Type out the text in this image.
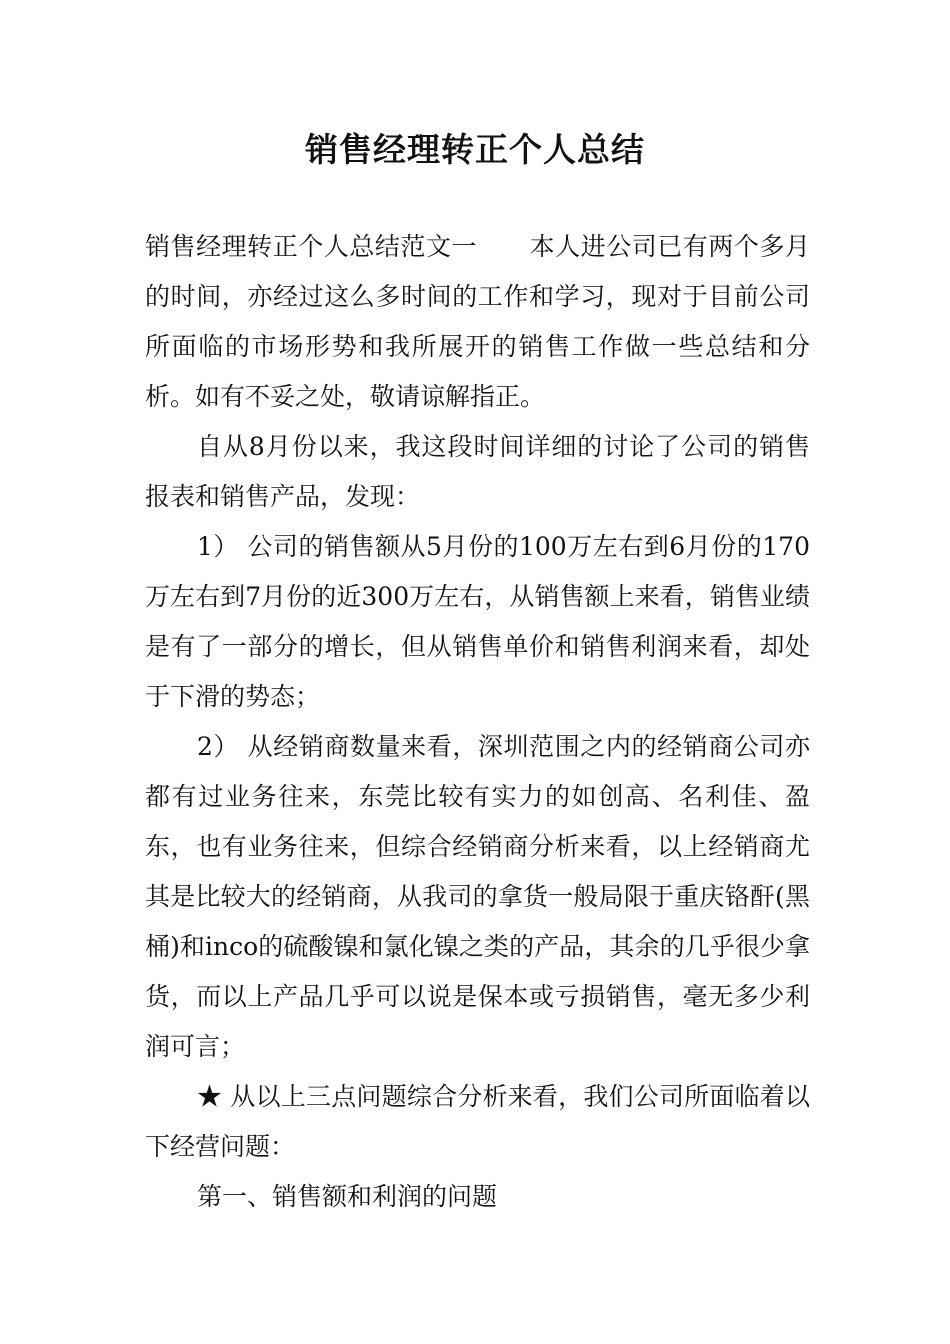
销售经理转正个人总结

销售经理转正个人总结范文一 本人进公司已有两个多月的时间，亦经过这么多时间的工作和学习，现对于目前公司所面临的市场形势和我所展开的销售工作做一些总结和分析。如有不妥之处，敬请谅解指正。

自从8月份以来，我这段时间详细的讨论了公司的销售报表和销售产品，发现：

1） 公司的销售额从5月份的100万左右到6月份的170万左右到7月份的近300万左右，从销售额上来看，销售业绩是有了一部分的增长，但从销售单价和销售利润来看，却处于下滑的势态；

2） 从经销商数量来看，深圳范围之内的经销商公司亦都有过业务往来，东莞比较有实力的如创高、名利佳、盈东，也有业务往来，但综合经销商分析来看，以上经销商尤其是比较大的经销商，从我司的拿货一般局限于重庆铬酐(黑桶)和inco的硫酸镍和氯化镍之类的产品，其余的几乎很少拿货，而以上产品几乎可以说是保本或亏损销售，毫无多少利润可言；

★ 从以上三点问题综合分析来看，我们公司所面临着以下经营问题：

第一、销售额和利润的问题
